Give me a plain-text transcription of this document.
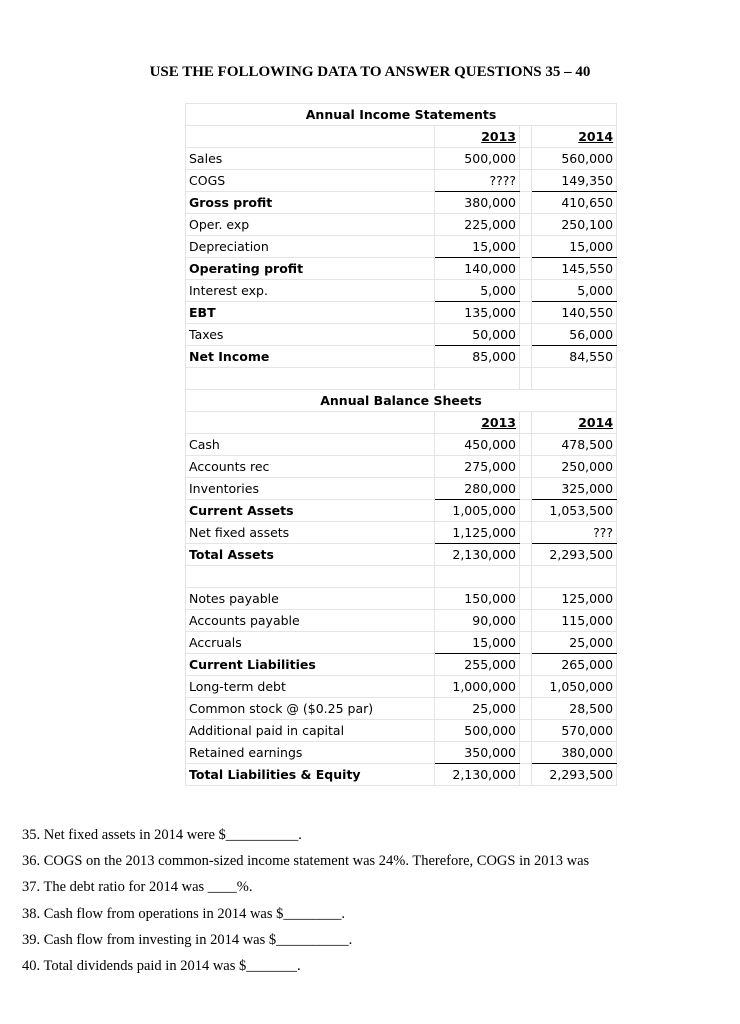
USE THE FOLLOWING DATA TO ANSWER QUESTIONS 35 – 40
Annual Income Statements			
	2013		2014
Sales	500,000		560,000
COGS	????		149,350
Gross profit	380,000		410,650
Oper. exp	225,000		250,100
Depreciation	15,000		15,000
Operating profit	140,000		145,550
Interest exp.	5,000		5,000
EBT	135,000		140,550
Taxes	50,000		56,000
Net Income	85,000		84,550

Annual Balance Sheets			
	2013		2014
Cash	450,000		478,500
Accounts rec	275,000		250,000
Inventories	280,000		325,000
Current Assets	1,005,000		1,053,500
Net fixed assets	1,125,000		???
Total Assets	2,130,000		2,293,500

Notes payable	150,000		125,000
Accounts payable	90,000		115,000
Accruals	15,000		25,000
Current Liabilities	255,000		265,000
Long-term debt	1,000,000		1,050,000
Common stock @ ($0.25 par)	25,000		28,500
Additional paid in capital	500,000		570,000
Retained earnings	350,000		380,000
Total Liabilities & Equity	2,130,000		2,293,500
35. Net fixed assets in 2014 were $__________.
36. COGS on the 2013 common-sized income statement was 24%. Therefore, COGS in 2013 was
37. The debt ratio for 2014 was ____%.
38. Cash flow from operations in 2014 was $________.
39. Cash flow from investing in 2014 was $__________.
40. Total dividends paid in 2014 was $_______.
